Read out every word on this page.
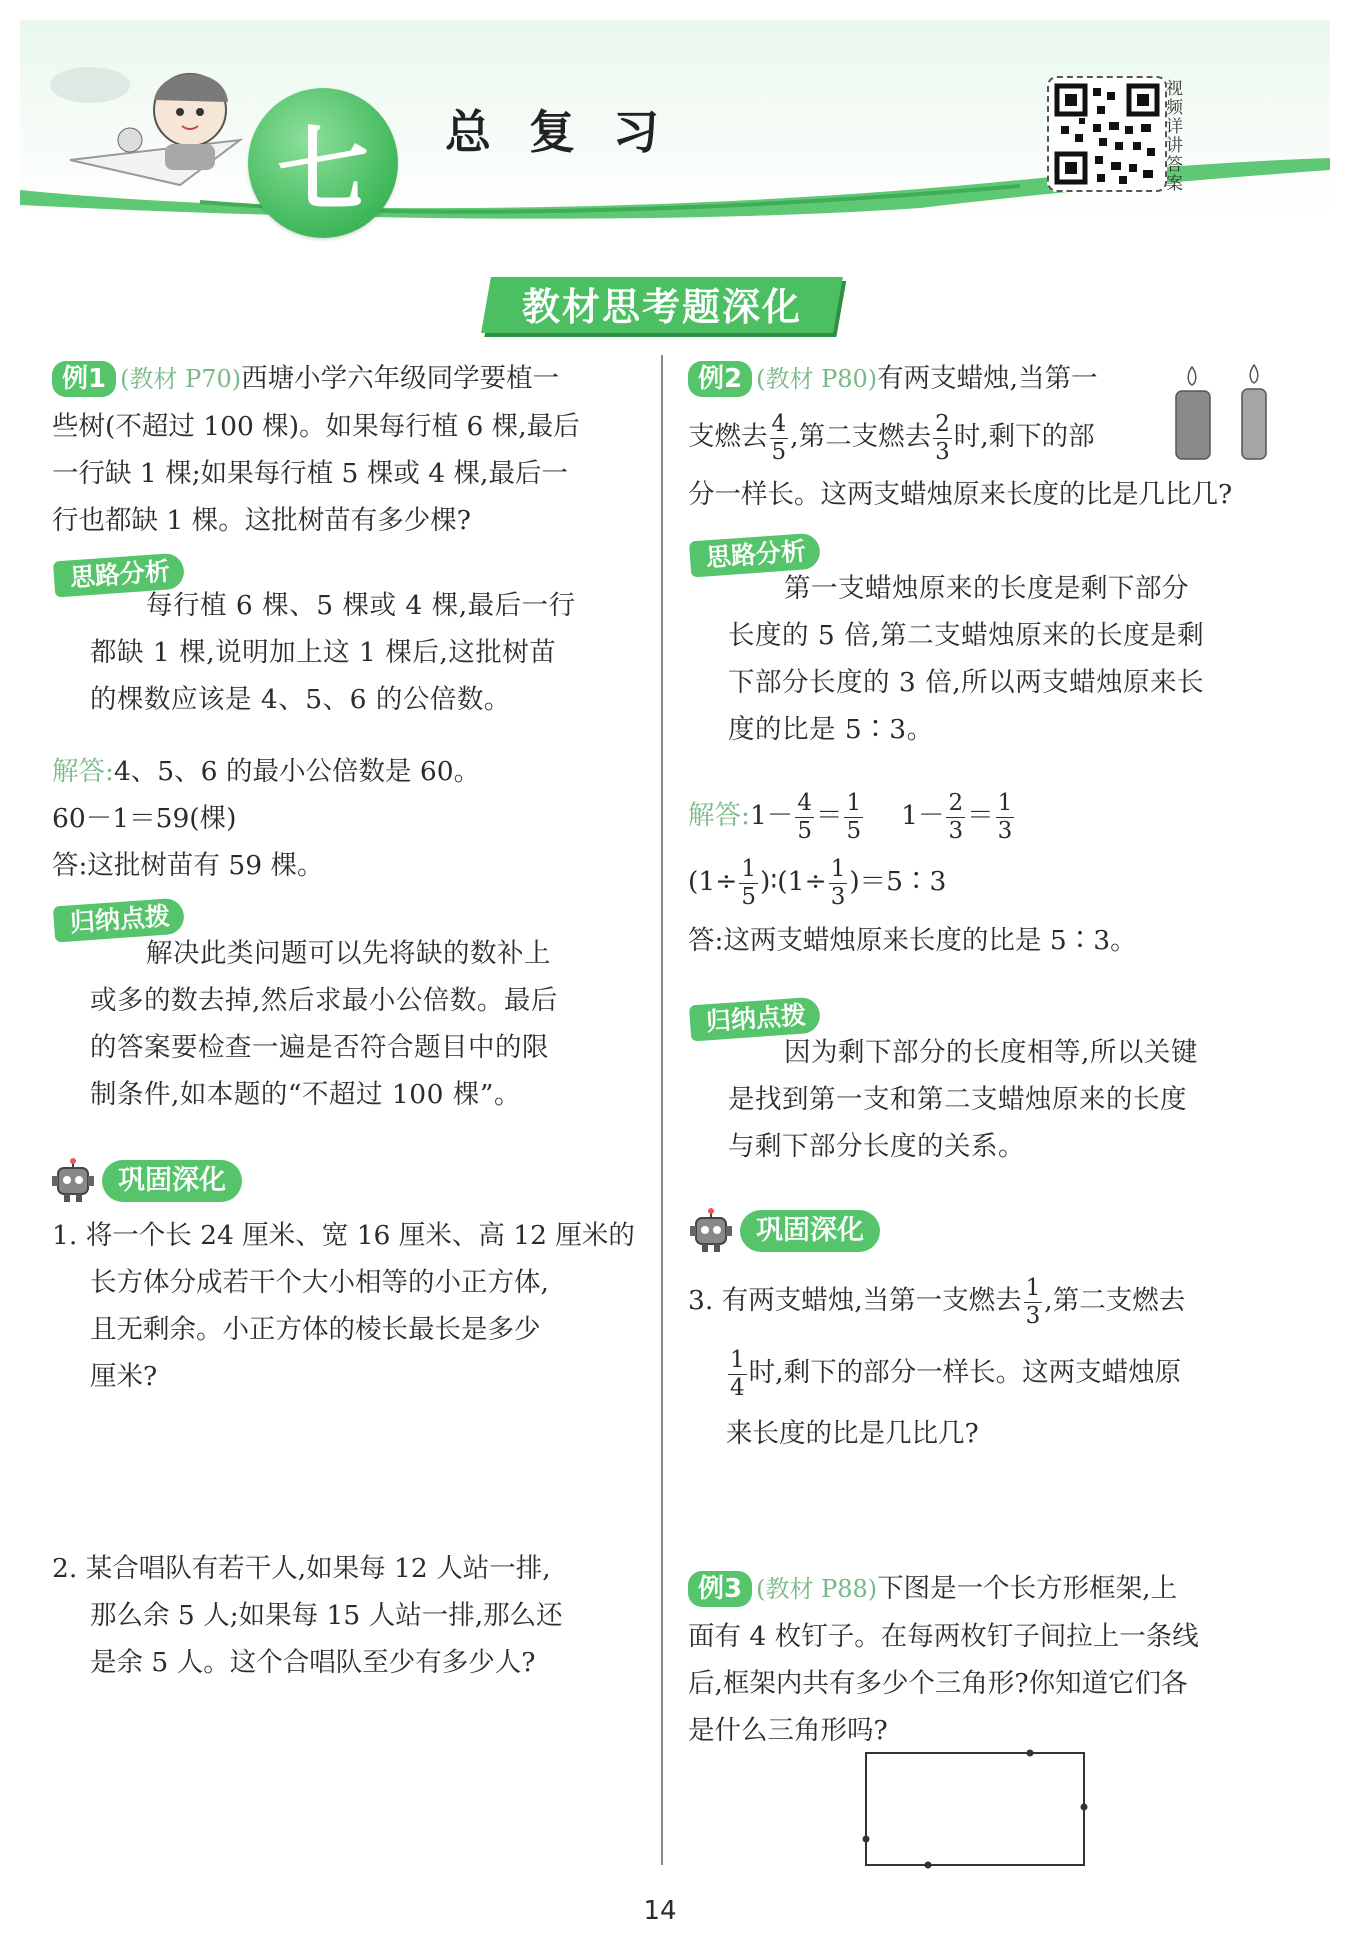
七	总复习
视频详讲答案
教材思考题深化
例1 (教材 P70)西塘小学六年级同学要植一
些树(不超过 100 棵)。如果每行植 6 棵,最后
一行缺 1 棵;如果每行植 5 棵或 4 棵,最后一
行也都缺 1 棵。这批树苗有多少棵?
思路分析
每行植 6 棵、5 棵或 4 棵,最后一行
都缺 1 棵,说明加上这 1 棵后,这批树苗
的棵数应该是 4、5、6 的公倍数。
解答:4、5、6 的最小公倍数是 60。
60－1＝59(棵)
答:这批树苗有 59 棵。
归纳点拨
解决此类问题可以先将缺的数补上
或多的数去掉,然后求最小公倍数。最后
的答案要检查一遍是否符合题目中的限
制条件,如本题的“不超过 100 棵”。
巩固深化
1. 将一个长 24 厘米、宽 16 厘米、高 12 厘米的
长方体分成若干个大小相等的小正方体,
且无剩余。小正方体的棱长最长是多少
厘米?
2. 某合唱队有若干人,如果每 12 人站一排,
那么余 5 人;如果每 15 人站一排,那么还
是余 5 人。这个合唱队至少有多少人?
例2 (教材 P80)有两支蜡烛,当第一
支燃去 $\frac{4}{5}$ ,第二支燃去 $\frac{2}{3}$ 时,剩下的部
分一样长。这两支蜡烛原来长度的比是几比几?
思路分析
第一支蜡烛原来的长度是剩下部分
长度的 5 倍,第二支蜡烛原来的长度是剩
下部分长度的 3 倍,所以两支蜡烛原来长
度的比是 5∶3。
解答:1－ $\frac{4}{5} = \frac{1}{5} 1- \frac{2}{3} = \frac{1}{3}$
($1\div \frac{1}{5}$ )∶(1÷ $\frac{1}{3}$ )＝5∶3
答:这两支蜡烛原来长度的比是 5∶3。
归纳点拨
因为剩下部分的长度相等,所以关键
是找到第一支和第二支蜡烛原来的长度
与剩下部分长度的关系。
巩固深化
3. 有两支蜡烛,当第一支燃去 $\frac{1}{3}$ ,第二支燃去
$\frac{1}{4}$ 时,剩下的部分一样长。这两支蜡烛原
来长度的比是几比几?
例3 (教材 P88)下图是一个长方形框架,上
面有 4 枚钉子。在每两枚钉子间拉上一条线
后,框架内共有多少个三角形?你知道它们各
是什么三角形吗?
14
